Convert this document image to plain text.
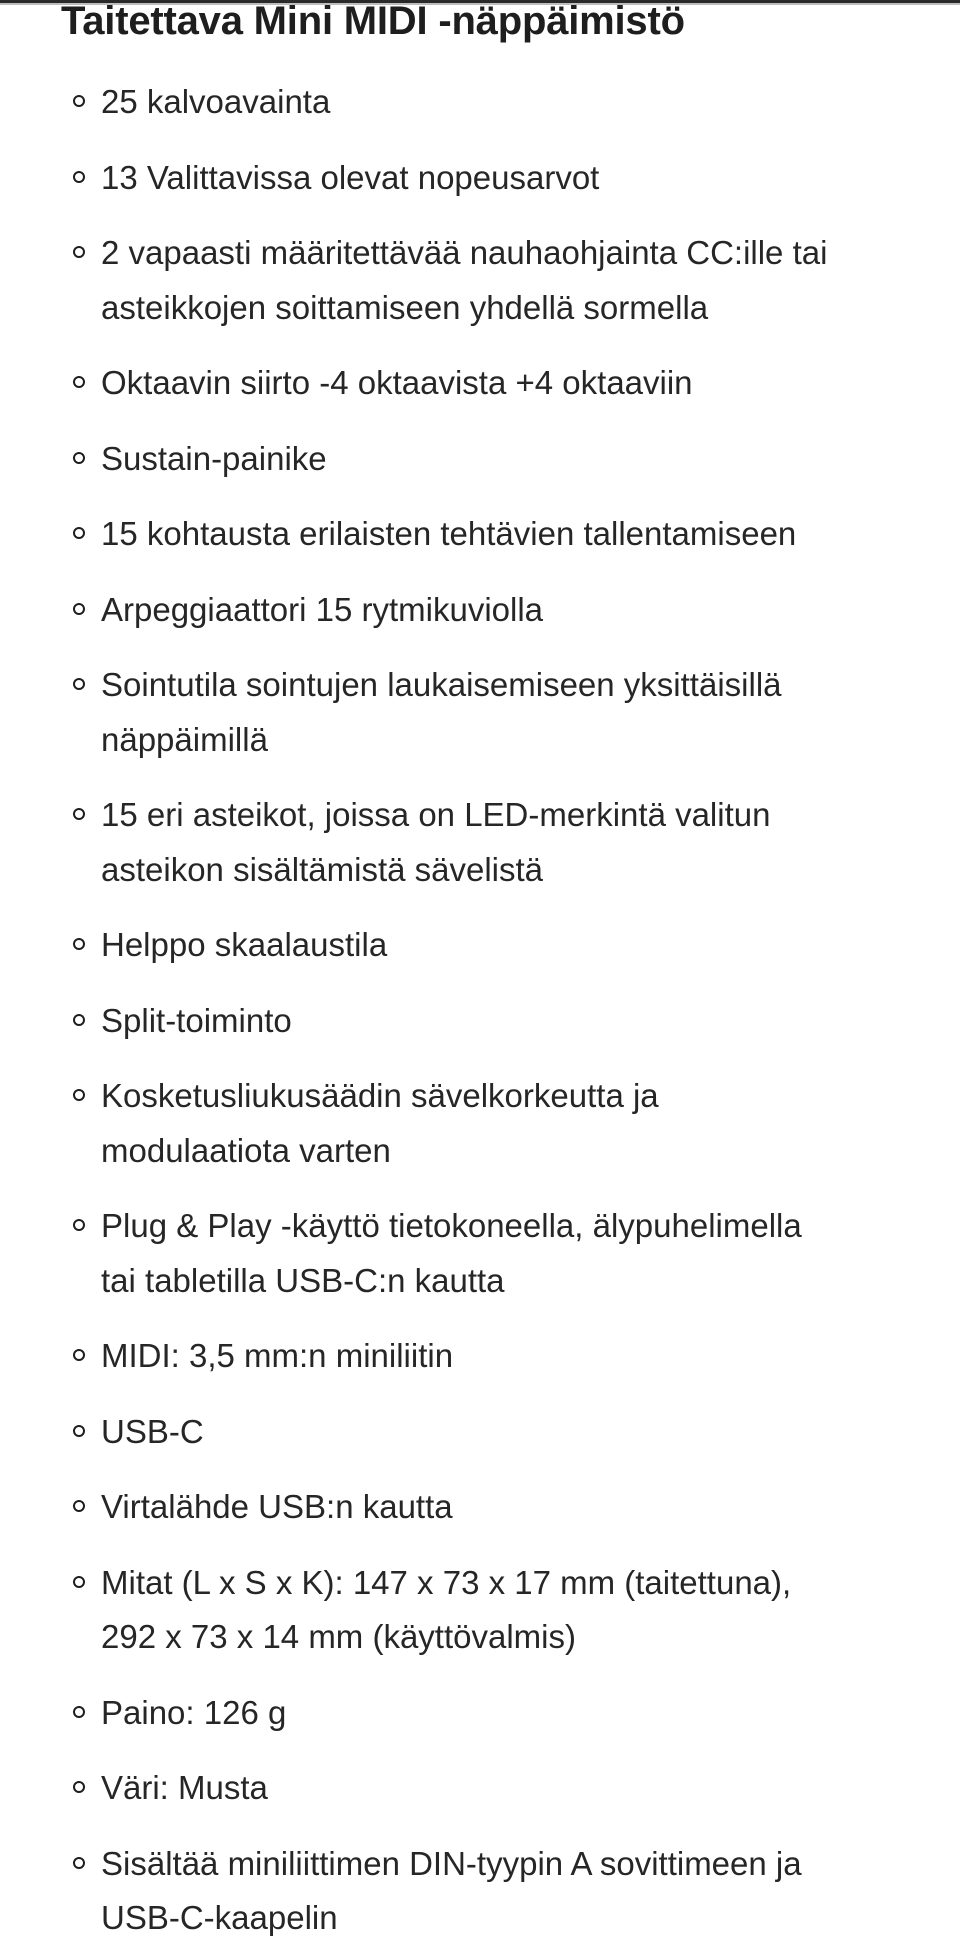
Taitettava Mini MIDI -näppäimistö
25 kalvoavainta
13 Valittavissa olevat nopeusarvot
2 vapaasti määritettävää nauhaohjainta CC:ille tai
asteikkojen soittamiseen yhdellä sormella
Oktaavin siirto -4 oktaavista +4 oktaaviin
Sustain-painike
15 kohtausta erilaisten tehtävien tallentamiseen
Arpeggiaattori 15 rytmikuviolla
Sointutila sointujen laukaisemiseen yksittäisillä
näppäimillä
15 eri asteikot, joissa on LED-merkintä valitun
asteikon sisältämistä sävelistä
Helppo skaalaustila
Split-toiminto
Kosketusliukusäädin sävelkorkeutta ja
modulaatiota varten
Plug & Play -käyttö tietokoneella, älypuhelimella
tai tabletilla USB-C:n kautta
MIDI: 3,5 mm:n miniliitin
USB-C
Virtalähde USB:n kautta
Mitat (L x S x K): 147 x 73 x 17 mm (taitettuna),
292 x 73 x 14 mm (käyttövalmis)
Paino: 126 g
Väri: Musta
Sisältää miniliittimen DIN-tyypin A sovittimeen ja
USB-C-kaapelin
